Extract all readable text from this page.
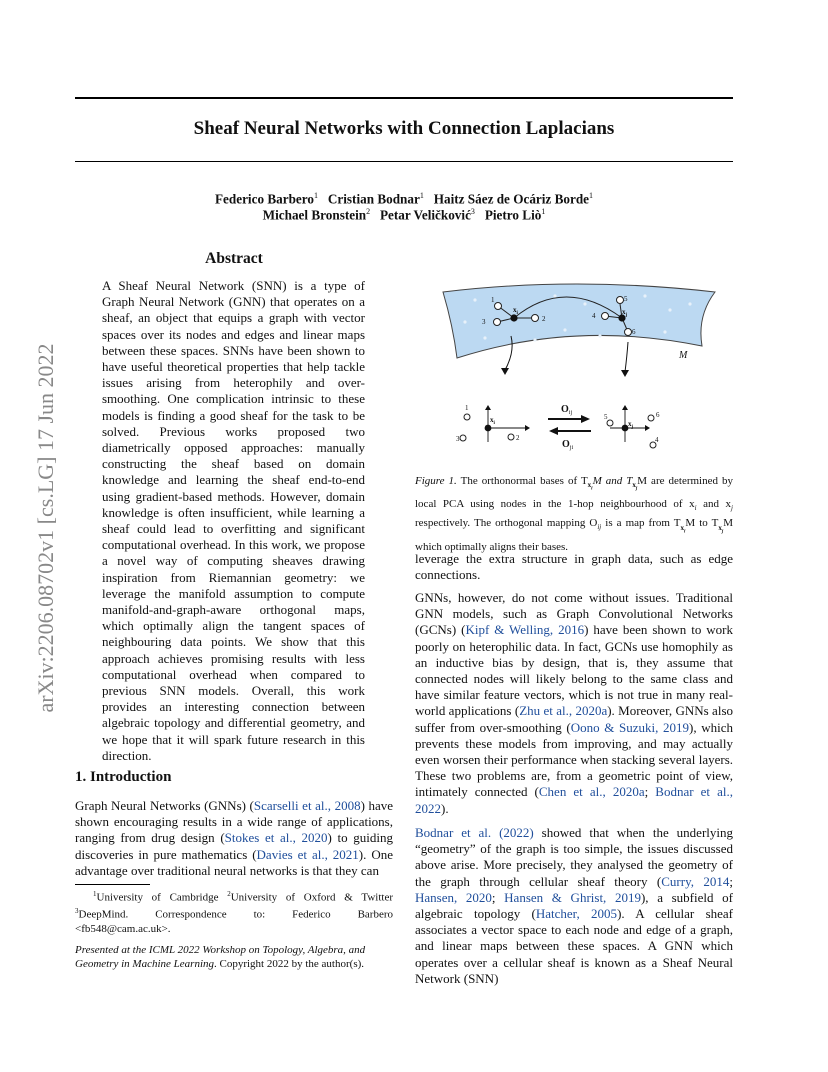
Sheaf Neural Networks with Connection Laplacians
Federico Barbero$^1$ Cristian Bodnar$^1$ Haitz Sáez de Ocáriz Borde$^1$
Michael Bronstein$^2$ Petar Veličković$^3$ Pietro Liò$^1$
arXiv:2206.08702v1 [cs.LG] 17 Jun 2022
Abstract

A Sheaf Neural Network (SNN) is a type of Graph Neural Network (GNN) that operates on a sheaf, an object that equips a graph with vector spaces over its nodes and edges and linear maps between these spaces. SNNs have been shown to have useful theoretical properties that help tackle issues arising from heterophily and over-smoothing. One complication intrinsic to these models is finding a good sheaf for the task to be solved. Previous works proposed two diametrically opposed approaches: manually constructing the sheaf based on domain knowledge and learning the sheaf end-to-end using gradient-based methods. However, domain knowledge is often insufficient, while learning a sheaf could lead to overfitting and significant computational overhead. In this work, we propose a novel way of computing sheaves drawing inspiration from Riemannian geometry: we leverage the manifold assumption to compute manifold-and-graph-aware orthogonal maps, which optimally align the tangent spaces of neighbouring data points. We show that this approach achieves promising results with less computational overhead when compared to previous SNN models. Overall, this work provides an interesting connection between algebraic topology and differential geometry, and we hope that it will spark future research in this direction.

1. Introduction

Graph Neural Networks (GNNs) (Scarselli et al., 2008) have shown encouraging results in a wide range of applications, ranging from drug design (Stokes et al., 2020) to guiding discoveries in pure mathematics (Davies et al., 2021). One advantage over traditional neural networks is that they can

$^1$University of Cambridge $^2$University of Oxford & Twitter $^3$DeepMind. Correspondence to: Federico Barbero <fb548@cam.ac.uk>.

Presented at the ICML 2022 Workshop on Topology, Algebra, and Geometry in Machine Learning. Copyright 2022 by the author(s).

1
2
3
4
5
6
$x_i$	$x_j$
M
1
3	2
$x_i$
5	6
4
$x_j$
$O_{ij}$
$O_{ji}$

Figure 1. The orthonormal bases of $T_{x_i}M$ and $T_{x_j}M$ are determined by local PCA using nodes in the 1-hop neighbourhood of $x_i$ and $x_j$ respectively. The orthogonal mapping $O_{ij}$ is a map from $T_{x_i}M$ to $T_{x_j}M$ which optimally aligns their bases.

leverage the extra structure in graph data, such as edge connections.

GNNs, however, do not come without issues. Traditional GNN models, such as Graph Convolutional Networks (GCNs) (Kipf & Welling, 2016) have been shown to work poorly on heterophilic data. In fact, GCNs use homophily as an inductive bias by design, that is, they assume that connected nodes will likely belong to the same class and have similar feature vectors, which is not true in many real-world applications (Zhu et al., 2020a). Moreover, GNNs also suffer from over-smoothing (Oono & Suzuki, 2019), which prevents these models from improving, and may actually even worsen their performance when stacking several layers. These two problems are, from a geometric point of view, intimately connected (Chen et al., 2020a; Bodnar et al., 2022).

Bodnar et al. (2022) showed that when the underlying “geometry” of the graph is too simple, the issues discussed above arise. More precisely, they analysed the geometry of the graph through cellular sheaf theory (Curry, 2014; Hansen, 2020; Hansen & Ghrist, 2019), a subfield of algebraic topology (Hatcher, 2005). A cellular sheaf associates a vector space to each node and edge of a graph, and linear maps between these spaces. A GNN which operates over a cellular sheaf is known as a Sheaf Neural Network (SNN)
